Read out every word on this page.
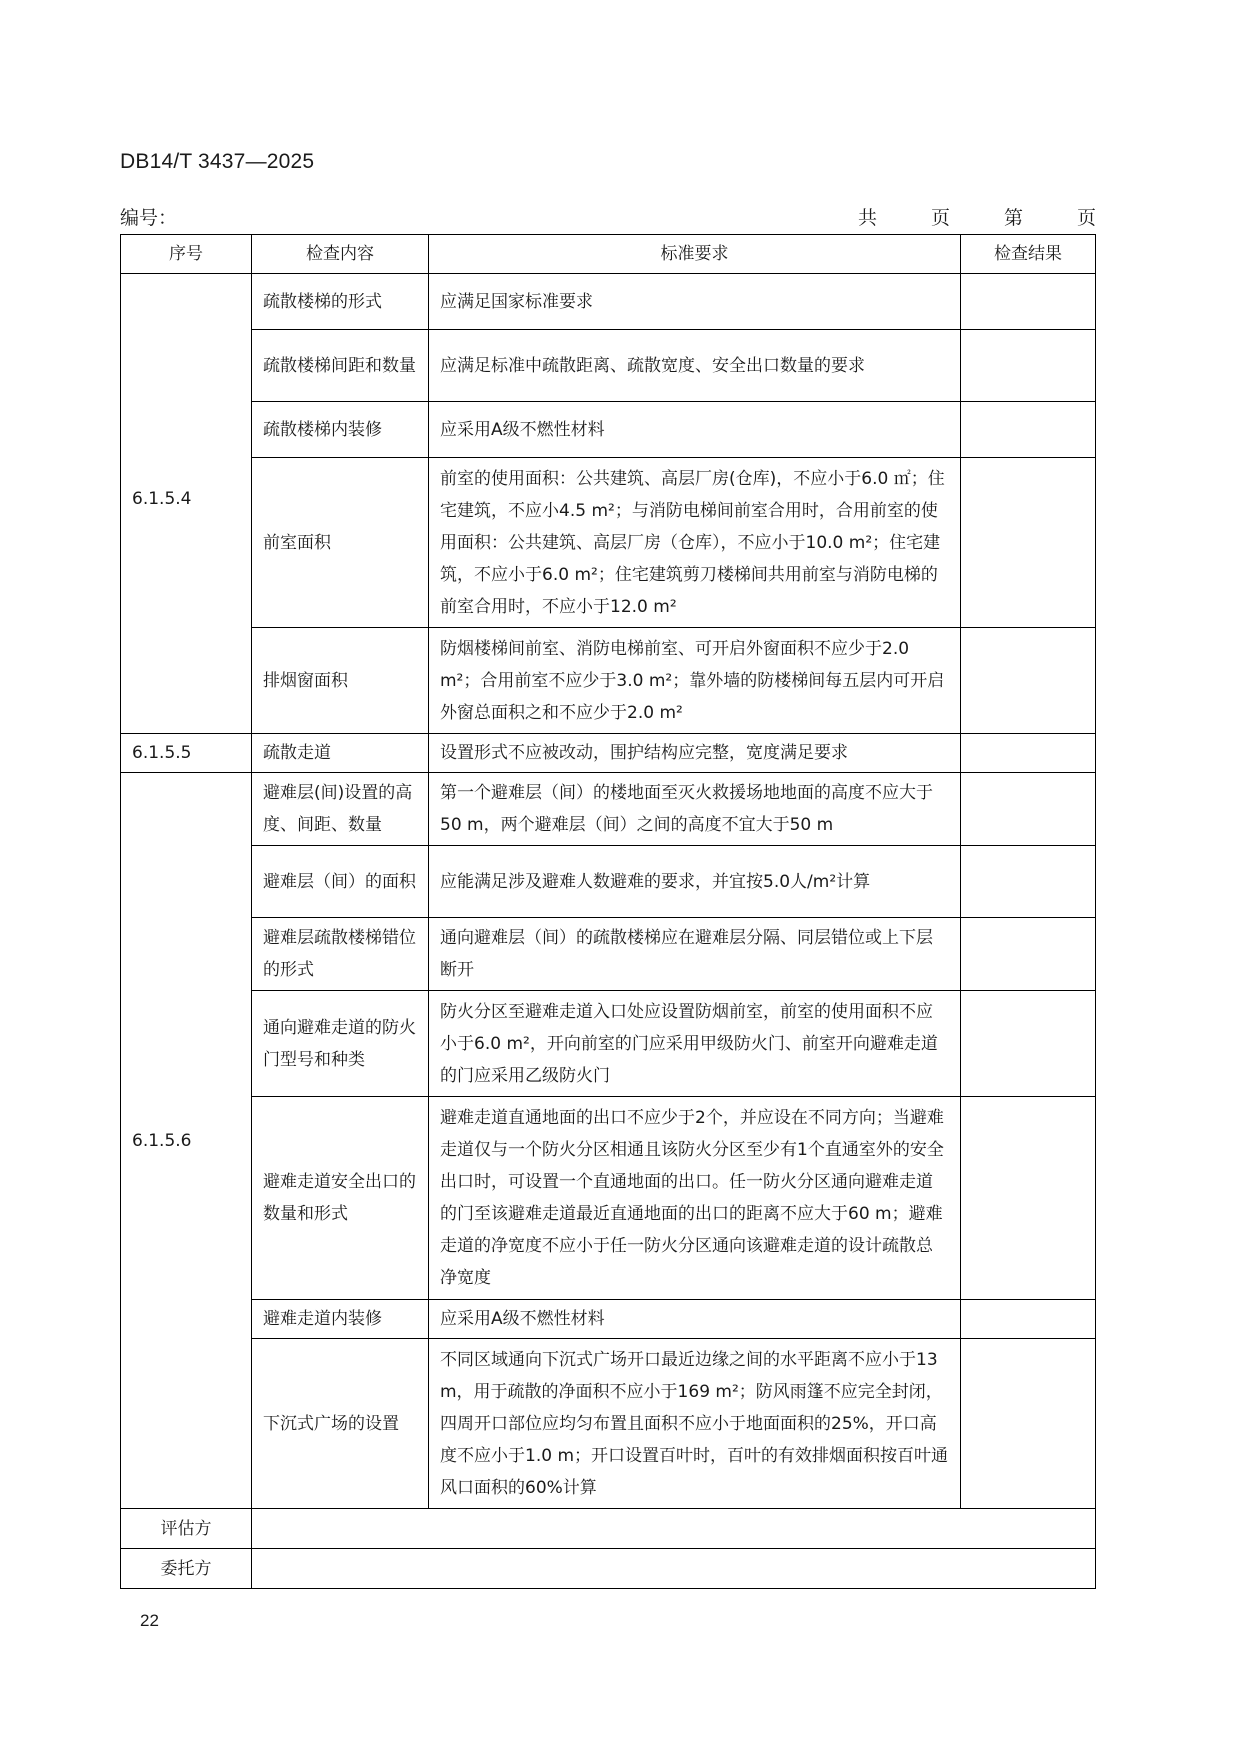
DB14/T 3437—2025
编号：	共	页	第	页
序号	检查内容	标准要求	检查结果
6.1.5.4	疏散楼梯的形式	应满足国家标准要求	
	疏散楼梯间距和数量	应满足标准中疏散距离、疏散宽度、安全出口数量的要求	
	疏散楼梯内装修	应采用A级不燃性材料	
	前室面积	前室的使用面积：公共建筑、高层厂房(仓库)，不应小于6.0 ㎡；住宅建筑，不应小4.5 m²；与消防电梯间前室合用时，合用前室的使用面积：公共建筑、高层厂房（仓库），不应小于10.0 m²；住宅建筑，不应小于6.0 m²；住宅建筑剪刀楼梯间共用前室与消防电梯的前室合用时，不应小于12.0 m²	
	排烟窗面积	防烟楼梯间前室、消防电梯前室、可开启外窗面积不应少于2.0 m²；合用前室不应少于3.0 m²；靠外墙的防楼梯间每五层内可开启外窗总面积之和不应少于2.0 m²	
6.1.5.5	疏散走道	设置形式不应被改动，围护结构应完整，宽度满足要求	
6.1.5.6	避难层(间)设置的高度、间距、数量	第一个避难层（间）的楼地面至灭火救援场地地面的高度不应大于50 m，两个避难层（间）之间的高度不宜大于50 m	
	避难层（间）的面积	应能满足涉及避难人数避难的要求，并宜按5.0人/m²计算	
	避难层疏散楼梯错位的形式	通向避难层（间）的疏散楼梯应在避难层分隔、同层错位或上下层断开	
	通向避难走道的防火门型号和种类	防火分区至避难走道入口处应设置防烟前室，前室的使用面积不应小于6.0 m²，开向前室的门应采用甲级防火门、前室开向避难走道的门应采用乙级防火门	
	避难走道安全出口的数量和形式	避难走道直通地面的出口不应少于2个，并应设在不同方向；当避难走道仅与一个防火分区相通且该防火分区至少有1个直通室外的安全出口时，可设置一个直通地面的出口。任一防火分区通向避难走道的门至该避难走道最近直通地面的出口的距离不应大于60 m；避难走道的净宽度不应小于任一防火分区通向该避难走道的设计疏散总净宽度	
	避难走道内装修	应采用A级不燃性材料	
	下沉式广场的设置	不同区域通向下沉式广场开口最近边缘之间的水平距离不应小于13 m，用于疏散的净面积不应小于169 m²；防风雨篷不应完全封闭，四周开口部位应均匀布置且面积不应小于地面面积的25%，开口高度不应小于1.0 m；开口设置百叶时，百叶的有效排烟面积按百叶通风口面积的60%计算	
评估方			
委托方			
22
